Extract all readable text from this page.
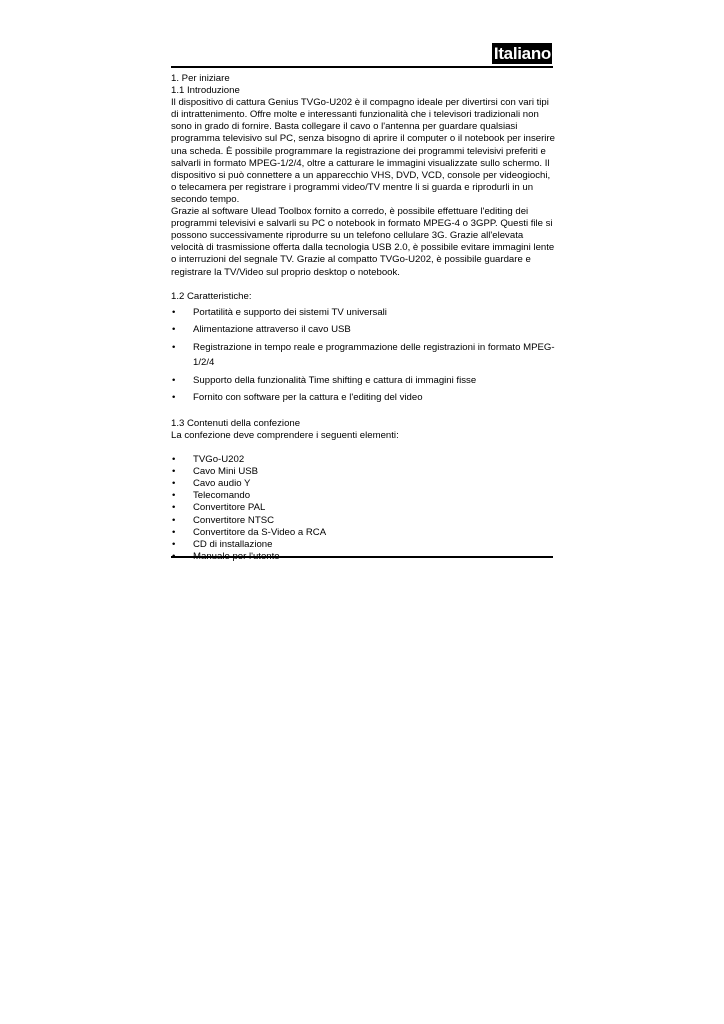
Italiano

1. Per iniziare

1.1 Introduzione

Il dispositivo di cattura Genius TVGo-U202 è il compagno ideale per divertirsi con vari tipi di intrattenimento. Offre molte e interessanti funzionalità che i televisori tradizionali non sono in grado di fornire. Basta collegare il cavo o l'antenna per guardare qualsiasi programma televisivo sul PC, senza bisogno di aprire il computer o il notebook per inserire una scheda. È possibile programmare la registrazione dei programmi televisivi preferiti e salvarli in formato MPEG-1/2/4, oltre a catturare le immagini visualizzate sullo schermo. Il dispositivo si può connettere a un apparecchio VHS, DVD, VCD, console per videogiochi, o telecamera per registrare i programmi video/TV mentre li si guarda e riprodurli in un secondo tempo.

Grazie al software Ulead Toolbox fornito a corredo, è possibile effettuare l'editing dei programmi televisivi e salvarli su PC o notebook in formato MPEG-4 o 3GPP. Questi file si possono successivamente riprodurre su un telefono cellulare 3G. Grazie all'elevata velocità di trasmissione offerta dalla tecnologia USB 2.0, è possibile evitare immagini lente o interruzioni del segnale TV. Grazie al compatto TVGo-U202, è possibile guardare e registrare la TV/Video sul proprio desktop o notebook.

1.2 Caratteristiche:

• Portatilità e supporto dei sistemi TV universali
• Alimentazione attraverso il cavo USB
• Registrazione in tempo reale e programmazione delle registrazioni in formato MPEG-1/2/4
• Supporto della funzionalità Time shifting e cattura di immagini fisse
• Fornito con software per la cattura e l'editing del video

1.3 Contenuti della confezione

La confezione deve comprendere i seguenti elementi:

• TVGo-U202
• Cavo Mini USB
• Cavo audio Y
• Telecomando
• Convertitore PAL
• Convertitore NTSC
• Convertitore da S-Video a RCA
• CD di installazione
